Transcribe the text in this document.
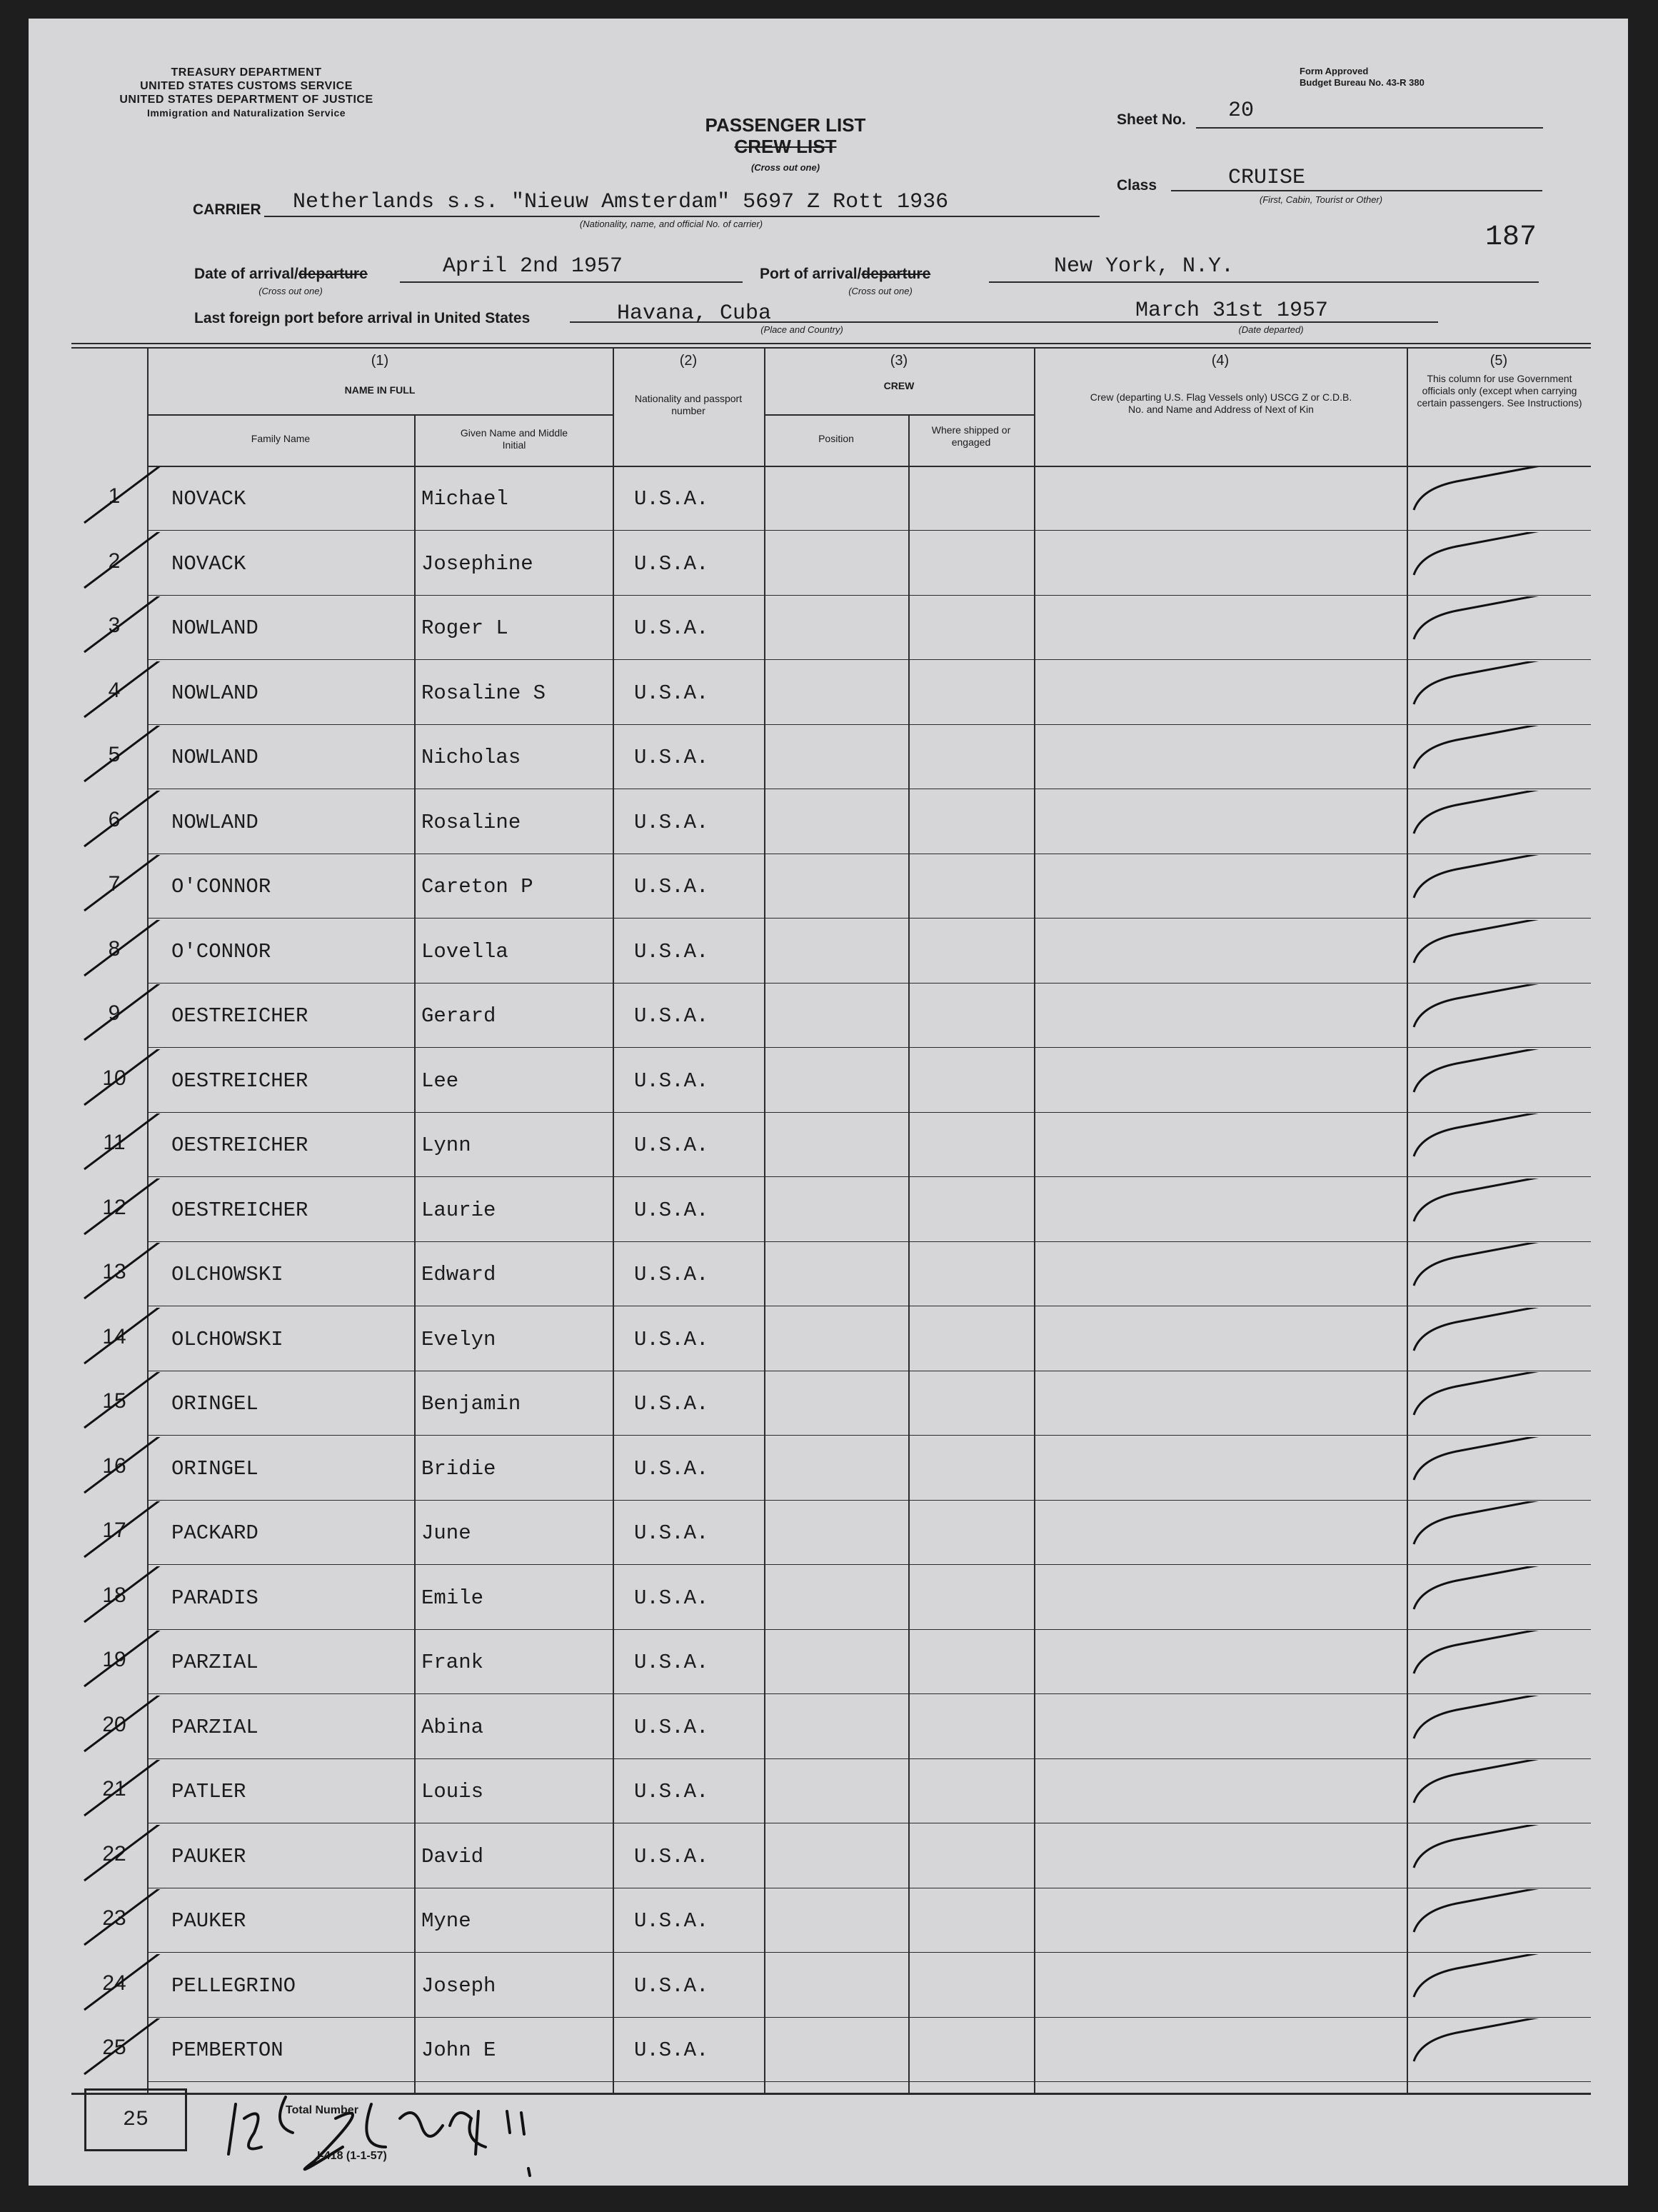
TREASURY DEPARTMENT
UNITED STATES CUSTOMS SERVICE
UNITED STATES DEPARTMENT OF JUSTICE
Immigration and Naturalization Service
Form Approved
Budget Bureau No. 43-R 380
PASSENGER LIST
CREW LIST
(Cross out one)
Sheet No. 20
Class	CRUISE
(First, Cabin, Tourist or Other)
187
CARRIER Netherlands s.s. "Nieuw Amsterdam" 5697 Z Rott 1936
(Nationality, name, and official No. of carrier)
Date of arrival/departure
(Cross out one)
April 2nd 1957	Port of arrival/departure
(Cross out one)
New York, N.Y.
Last foreign port before arrival in United States	Havana, Cuba
(Place and Country)
March 31st 1957
(Date departed)
(1)
NAME IN FULL
Family Name	Given Name and Middle Initial
(2)
Nationality and passport number
(3)
CREW
Position
Where shipped or engaged
(4)
Crew (departing U.S. Flag Vessels only) USCG Z or C.D.B. No. and Name and Address of Next of Kin
(5)
This column for use Government officials only (except when carrying certain passengers. See Instructions)
1	NOVACK	Michael	U.S.A.
2	NOVACK	Josephine	U.S.A.
3	NOWLAND	Roger L	U.S.A.
4	NOWLAND	Rosaline S	U.S.A.
5	NOWLAND	Nicholas	U.S.A.
6	NOWLAND	Rosaline	U.S.A.
7	O'CONNOR	Careton P	U.S.A.
8	O'CONNOR	Lovella	U.S.A.
9	OESTREICHER	Gerard	U.S.A.
10 OESTREICHER	Lee	U.S.A.
11	OESTREICHER	Lynn	U.S.A.
12 OESTREICHER	Laurie	U.S.A.
13 OLCHOWSKI	Edward	U.S.A.
14 OLCHOWSKI	Evelyn	U.S.A.
15 ORINGEL	Benjamin	U.S.A.
16 ORINGEL	Bridie	U.S.A.
17 PACKARD	June	U.S.A.
18 PARADIS	Emile	U.S.A.
19 PARZIAL	Frank	U.S.A.
20 PARZIAL	Abina	U.S.A.
21 PATLER	Louis	U.S.A.
22 PAUKER	David	U.S.A.
23 PAUKER	Myne	U.S.A.
24 PELLEGRINO	Joseph	U.S.A.
25 PEMBERTON	John E	U.S.A.
25	Total Number
I-418 (1-1-57)
